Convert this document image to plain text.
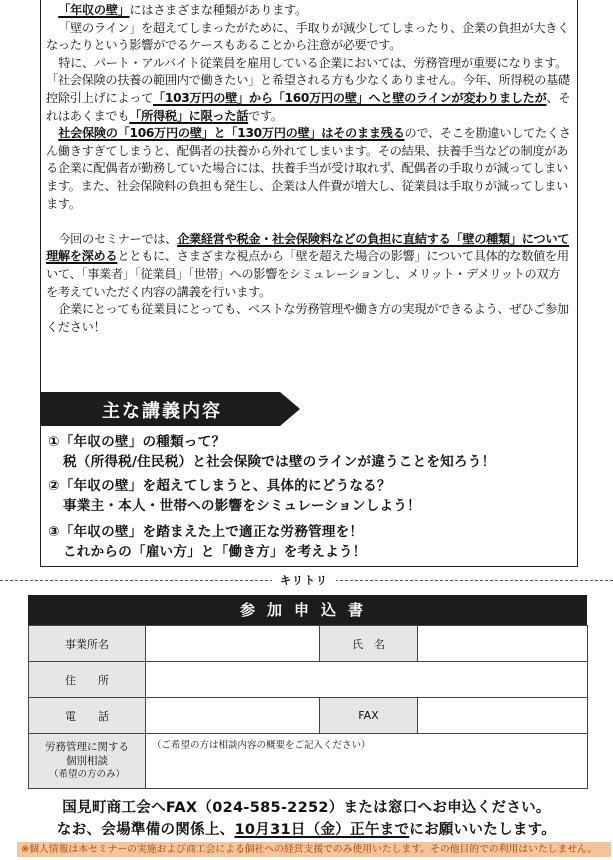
「年収の壁」にはさまざまな種類があります。

「壁のライン」を超えてしまったがために、手取りが減少してしまったり、企業の負担が大きくなったりという影響がでるケースもあることから注意が必要です。

特に、パート・アルバイト従業員を雇用している企業においては、労務管理が重要になります。「社会保険の扶養の範囲内で働きたい」と希望される方も少なくありません。今年、所得税の基礎控除引上げによって「103万円の壁」から「160万円の壁」へと壁のラインが変わりましたが、それはあくまでも「所得税」に限った話です。

社会保険の「106万円の壁」と「130万円の壁」はそのまま残るので、そこを勘違いしてたくさん働きすぎてしまうと、配偶者の扶養から外れてしまいます。その結果、扶養手当などの制度がある企業に配偶者が勤務していた場合には、扶養手当が受け取れず、配偶者の手取りが減ってしまいます。また、社会保険料の負担も発生し、企業は人件費が増大し、従業員は手取りが減ってしまいます。

今回のセミナーでは、企業経営や税金・社会保険料などの負担に直結する「壁の種類」について理解を深めるとともに、さまざまな視点から「壁を超えた場合の影響」について具体的な数値を用いて、「事業者」「従業員」「世帯」への影響をシミュレーションし、メリット・デメリットの双方を考えていただく内容の講義を行います。

企業にとっても従業員にとっても、ベストな労務管理や働き方の実現ができるよう、ぜひご参加ください！

主な講義内容
①「年収の壁」の種類って？
税（所得税/住民税）と社会保険では壁のラインが違うことを知ろう！
②「年収の壁」を超えてしまうと、具体的にどうなる？
事業主・本人・世帯への影響をシミュレーションしよう！
③「年収の壁」を踏まえた上で適正な労務管理を！
これからの「雇い方」と「働き方」を考えよう！
キリトリ
参加申込書
事業所名		氏　名	
住　　所			
電　　話		FAX	

労務管理に関する
個別相談
（希望の方のみ）	（ご希望の方は相談内容の概要をご記入ください）		
国見町商工会へFAX（024-585-2252）または窓口へお申込ください。
なお、会場準備の関係上、10月31日（金）正午までにお願いいたします。
※個人情報は本セミナーの実施および商工会による個社への経営支援でのみ使用いたします。その他目的での利用はいたしません。
